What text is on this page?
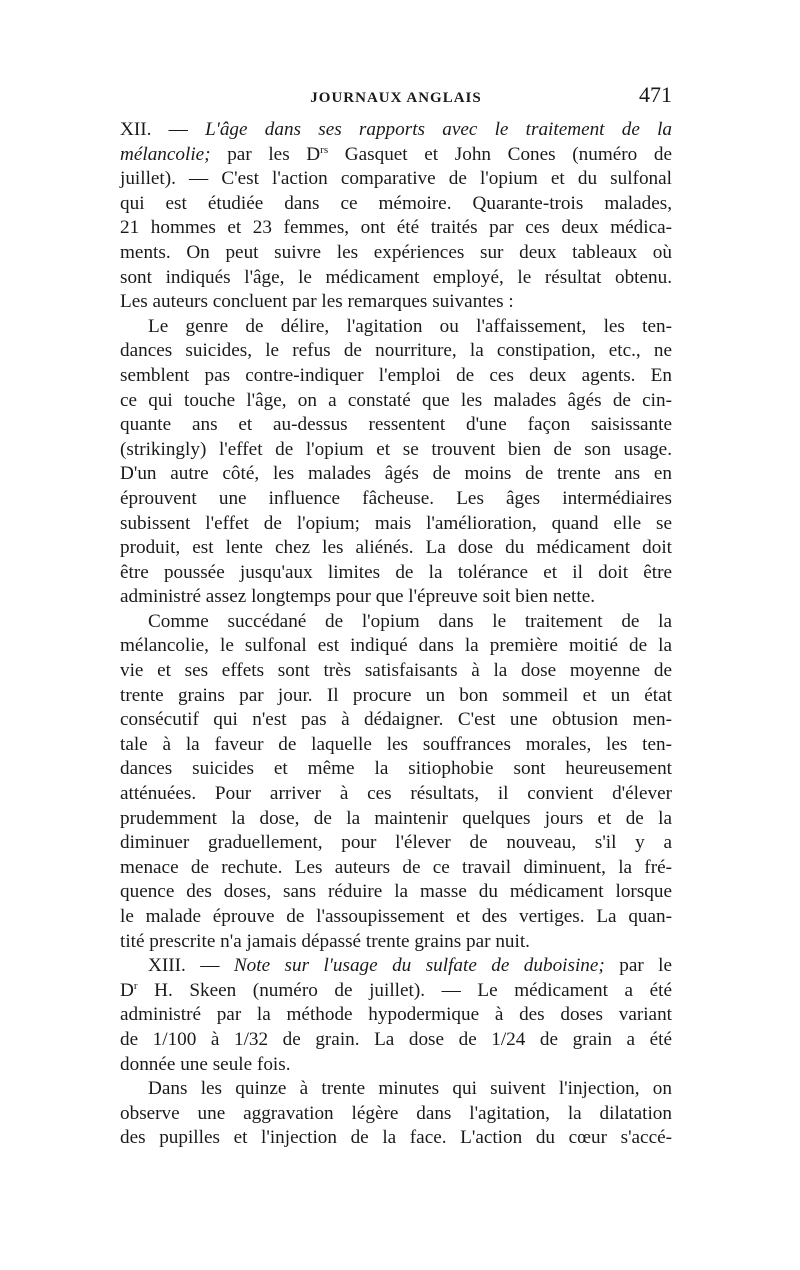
JOURNAUX ANGLAIS	471
XII. — L'âge dans ses rapports avec le traitement de la
mélancolie; par les $D^{rs}$ Gasquet et John Cones (numéro de
juillet). — C'est l'action comparative de l'opium et du sulfonal
qui est étudiée dans ce mémoire. Quarante-trois malades,
21 hommes et 23 femmes, ont été traités par ces deux médica-
ments. On peut suivre les expériences sur deux tableaux où
sont indiqués l'âge, le médicament employé, le résultat obtenu.
Les auteurs concluent par les remarques suivantes :
Le genre de délire, l'agitation ou l'affaissement, les ten-
dances suicides, le refus de nourriture, la constipation, etc., ne
semblent pas contre-indiquer l'emploi de ces deux agents. En
ce qui touche l'âge, on a constaté que les malades âgés de cin-
quante ans et au-dessus ressentent d'une façon saisissante
(strikingly) l'effet de l'opium et se trouvent bien de son usage.
D'un autre côté, les malades âgés de moins de trente ans en
éprouvent une influence fâcheuse. Les âges intermédiaires
subissent l'effet de l'opium; mais l'amélioration, quand elle se
produit, est lente chez les aliénés. La dose du médicament doit
être poussée jusqu'aux limites de la tolérance et il doit être
administré assez longtemps pour que l'épreuve soit bien nette.
Comme succédané de l'opium dans le traitement de la
mélancolie, le sulfonal est indiqué dans la première moitié de la
vie et ses effets sont très satisfaisants à la dose moyenne de
trente grains par jour. Il procure un bon sommeil et un état
consécutif qui n'est pas à dédaigner. C'est une obtusion men-
tale à la faveur de laquelle les souffrances morales, les ten-
dances suicides et même la sitiophobie sont heureusement
atténuées. Pour arriver à ces résultats, il convient d'élever
prudemment la dose, de la maintenir quelques jours et de la
diminuer graduellement, pour l'élever de nouveau, s'il y a
menace de rechute. Les auteurs de ce travail diminuent, la fré-
quence des doses, sans réduire la masse du médicament lorsque
le malade éprouve de l'assoupissement et des vertiges. La quan-
tité prescrite n'a jamais dépassé trente grains par nuit.
XIII. — Note sur l'usage du sulfate de duboisine; par le
$D^r$ H. Skeen (numéro de juillet). — Le médicament a été
administré par la méthode hypodermique à des doses variant
de 1/100 à 1/32 de grain. La dose de 1/24 de grain a été
donnée une seule fois.
Dans les quinze à trente minutes qui suivent l'injection, on
observe une aggravation légère dans l'agitation, la dilatation
des pupilles et l'injection de la face. L'action du cœur s'accé-
